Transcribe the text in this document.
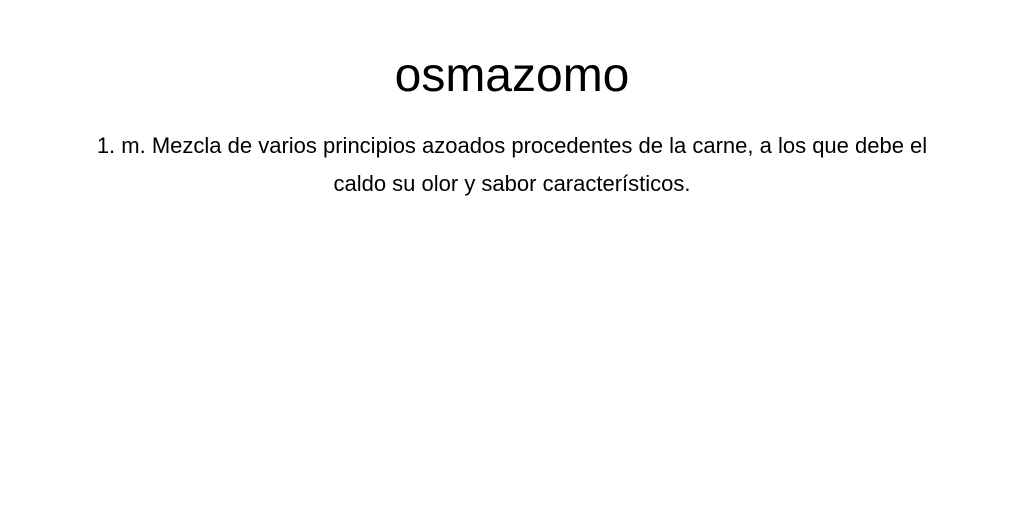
osmazomo

1. m. Mezcla de varios principios azoados procedentes de la carne, a los que debe el caldo su olor y sabor característicos.
